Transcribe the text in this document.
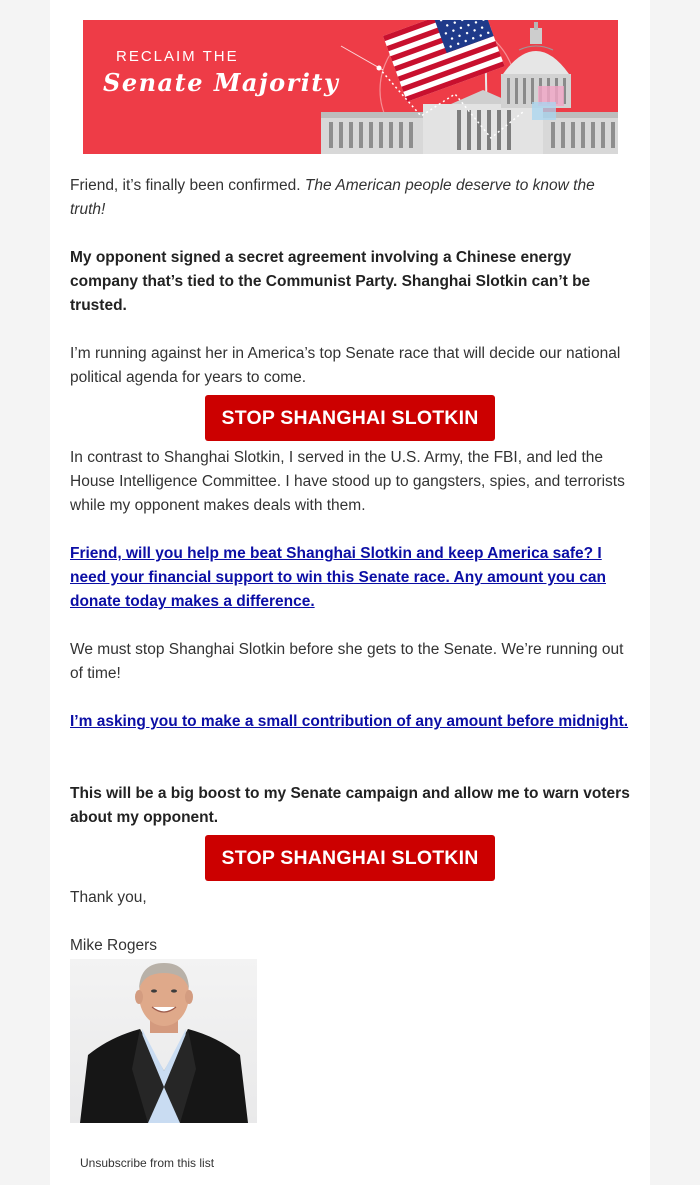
RECLAIM THE
Senate Majority

Friend, it’s finally been confirmed. The American people deserve to know the truth!

My opponent signed a secret agreement involving a Chinese energy company that’s tied to the Communist Party. Shanghai Slotkin can’t be trusted.

I’m running against her in America’s top Senate race that will decide our national political agenda for years to come.

STOP SHANGHAI SLOTKIN

In contrast to Shanghai Slotkin, I served in the U.S. Army, the FBI, and led the House Intelligence Committee. I have stood up to gangsters, spies, and terrorists while my opponent makes deals with them.

Friend, will you help me beat Shanghai Slotkin and keep America safe? I need your financial support to win this Senate race. Any amount you can donate today makes a difference.

We must stop Shanghai Slotkin before she gets to the Senate. We’re running out of time!

I’m asking you to make a small contribution of any amount before midnight.

This will be a big boost to my Senate campaign and allow me to warn voters about my opponent.

STOP SHANGHAI SLOTKIN

Thank you,

Mike Rogers

Unsubscribe from this list
